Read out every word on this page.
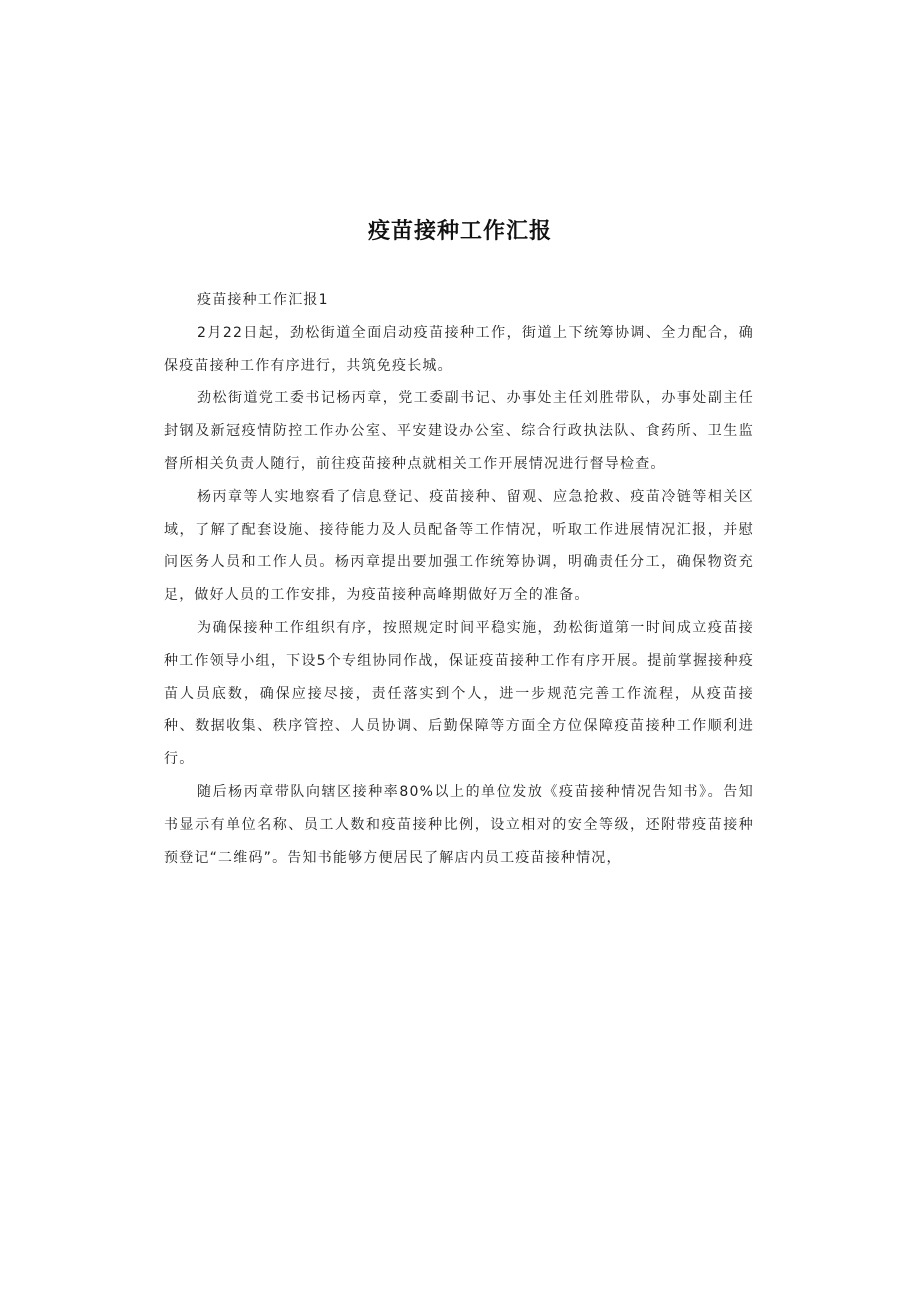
疫苗接种工作汇报

疫苗接种工作汇报1

2月22日起，劲松街道全面启动疫苗接种工作，街道上下统筹协调、全力配合，确保疫苗接种工作有序进行，共筑免疫长城。

劲松街道党工委书记杨丙章，党工委副书记、办事处主任刘胜带队，办事处副主任封钢及新冠疫情防控工作办公室、平安建设办公室、综合行政执法队、食药所、卫生监督所相关负责人随行，前往疫苗接种点就相关工作开展情况进行督导检查。

杨丙章等人实地察看了信息登记、疫苗接种、留观、应急抢救、疫苗冷链等相关区域，了解了配套设施、接待能力及人员配备等工作情况，听取工作进展情况汇报，并慰问医务人员和工作人员。杨丙章提出要加强工作统筹协调，明确责任分工，确保物资充足，做好人员的工作安排，为疫苗接种高峰期做好万全的准备。

为确保接种工作组织有序，按照规定时间平稳实施，劲松街道第一时间成立疫苗接种工作领导小组，下设5个专组协同作战，保证疫苗接种工作有序开展。提前掌握接种疫苗人员底数，确保应接尽接，责任落实到个人，进一步规范完善工作流程，从疫苗接种、数据收集、秩序管控、人员协调、后勤保障等方面全方位保障疫苗接种工作顺利进行。

随后杨丙章带队向辖区接种率80%以上的单位发放《疫苗接种情况告知书》。告知书显示有单位名称、员工人数和疫苗接种比例，设立相对的安全等级，还附带疫苗接种预登记“二维码”。告知书能够方便居民了解店内员工疫苗接种情况，
